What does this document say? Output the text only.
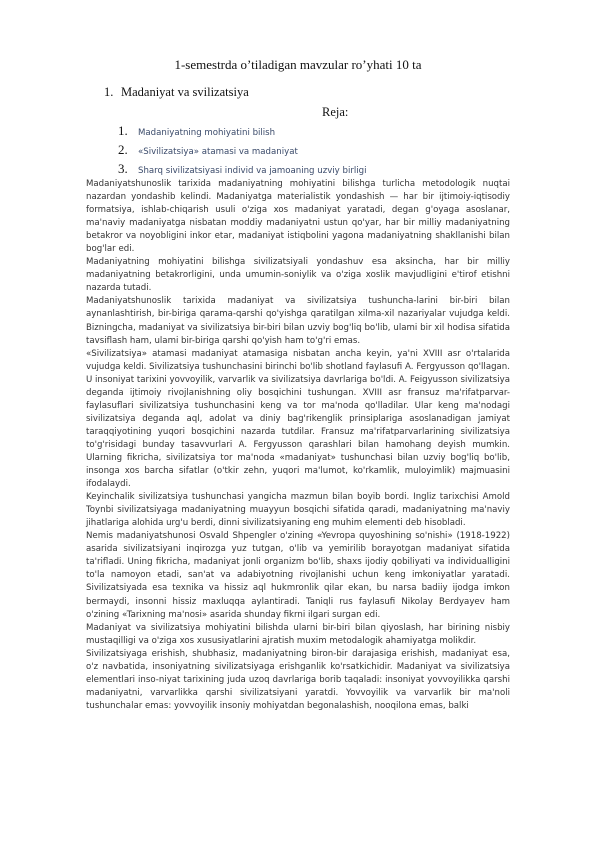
1-semestrda o’tiladigan mavzular ro’yhati 10 ta
1. Madaniyat va svilizatsiya
Reja:
1.	Madaniyatning mohiyatini bilish
2.	«Sivilizatsiya» atamasi va madaniyat
3.	Sharq sivilizatsiyasi individ va jamoaning uzviy birligi

Madaniyatshunoslik tarixida madaniyatning mohiyatini bilishga turlicha metodologik nuqtai nazardan yondashib kelindi. Madaniyatga materialistik yondashish — har bir ijtimoiy-iqtisodiy formatsiya, ishlab-chiqarish usuli o'ziga xos madaniyat yaratadi, degan g'oyaga asoslanar, ma'naviy madaniyatga nisbatan moddiy madaniyatni ustun qo'yar, har bir milliy madaniyatning betakror va noyobligini inkor etar, madaniyat istiqbolini yagona madaniyatning shakllanishi bilan bog'lar edi.

Madaniyatning mohiyatini bilishga sivilizatsiyali yondashuv esa aksincha, har bir milliy madaniyatning betakrorligini, unda umumin-soniylik va o'ziga xoslik mavjudligini e'tirof etishni nazarda tutadi.

Madaniyatshunoslik tarixida madaniyat va sivilizatsiya tushuncha-larini bir-biri bilan aynanlashtirish, bir-biriga qarama-qarshi qo'yishga qaratilgan xilma-xil nazariyalar vujudga keldi. Bizningcha, madaniyat va sivilizatsiya bir-biri bilan uzviy bog'liq bo'lib, ulami bir xil hodisa sifatida tavsiflash ham, ulami bir-biriga qarshi qo'yish ham to'g'ri emas.

«Sivilizatsiya» atamasi madaniyat atamasiga nisbatan ancha keyin, ya'ni XVIII asr o'rtalarida vujudga keldi. Sivilizatsiya tushunchasini birinchi bo'lib shotland faylasufi A. Fergyusson qo'llagan. U insoniyat tarixini yovvoyilik, varvarlik va sivilizatsiya davrlariga bo'ldi. A. Feigyusson sivilizatsiya deganda ijtimoiy rivojlanishning oliy bosqichini tushungan. XVIII asr fransuz ma'rifatparvar-faylasuflari sivilizatsiya tushunchasini keng va tor ma'noda qo'lladilar. Ular keng ma'nodagi sivilizatsiya deganda aql, adolat va diniy bag'rikenglik prinsiplariga asoslanadigan jamiyat taraqqiyotining yuqori bosqichini nazarda tutdilar. Fransuz ma'rifatparvarlarining sivilizatsiya to'g'risidagi bunday tasavvurlari A. Fergyusson qarashlari bilan hamohang deyish mumkin. Ularning fikricha, sivilizatsiya tor ma'noda «madaniyat» tushunchasi bilan uzviy bog'liq bo'lib, insonga xos barcha sifatlar (o'tkir zehn, yuqori ma'lumot, ko'rkamlik, muloyimlik) majmuasini ifodalaydi.

Keyinchalik sivilizatsiya tushunchasi yangicha mazmun bilan boyib bordi. Ingliz tarixchisi Amold Toynbi sivilizatsiyaga madaniyatning muayyun bosqichi sifatida qaradi, madaniyatning ma'naviy jihatlariga alohida urg'u berdi, dinni sivilizatsiyaning eng muhim elementi deb hisobladi.

Nemis madaniyatshunosi Osvald Shpengler o'zining «Yevropa quyoshining so'nishi» (1918-1922) asarida sivilizatsiyani inqirozga yuz tutgan, o'lib va yemirilib borayotgan madaniyat sifatida ta'rifladi. Uning fikricha, madaniyat jonli organizm bo'lib, shaxs ijodiy qobiliyati va individualligini to'la namoyon etadi, san'at va adabiyotning rivojlanishi uchun keng imkoniyatlar yaratadi. Sivilizatsiyada esa texnika va hissiz aql hukmronlik qilar ekan, bu narsa badiiy ijodga imkon bermaydi, insonni hissiz maxluqqa aylantiradi. Taniqli rus faylasufi Nikolay Berdyayev ham o'zining «Tarixning ma'nosi» asarida shunday fikrni ilgari surgan edi.

Madaniyat va sivilizatsiya mohiyatini bilishda ularni bir-biri bilan qiyoslash, har birining nisbiy mustaqilligi va o'ziga xos xususiyatlarini ajratish muxim metodalogik ahamiyatga molikdir.

Sivilizatsiyaga erishish, shubhasiz, madaniyatning biron-bir darajasiga erishish, madaniyat esa, o'z navbatida, insoniyatning sivilizatsiyaga erishganlik ko'rsatkichidir. Madaniyat va sivilizatsiya elementlari inso-niyat tarixining juda uzoq davrlariga borib taqaladi: insoniyat yovvoyilikka qarshi madaniyatni, varvarlikka qarshi sivilizatsiyani yaratdi. Yovvoyilik va varvarlik bir ma'noli tushunchalar emas: yovvoyilik insoniy mohiyatdan begonalashish, nooqilona emas, balki
